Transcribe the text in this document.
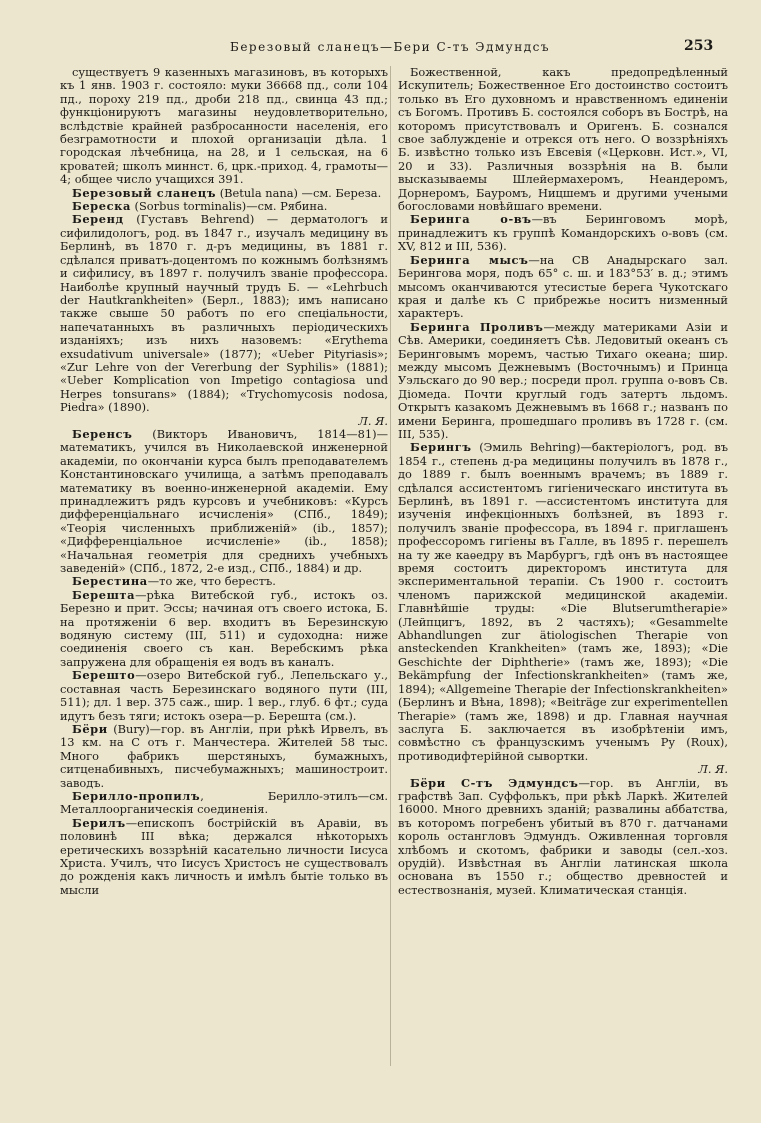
Березовый сланецъ—Бери С-тъ Эдмундсъ	253

существуетъ 9 казенныхъ магазиновъ, въ которыхъ къ 1 янв. 1903 г. состояло: муки 36668 пд., соли 104 пд., пороху 219 пд., дроби 218 пд., свинца 43 пд.; функціонируютъ магазины неудовлетворительно, вслѣдствіе крайней разбросанности населенія, его безграмотности и плохой организаціи дѣла. 1 городская лѣчебница, на 28, и 1 сельская, на 6 кроватей; школъ миннст. 6, црк.-приход. 4, грамоты—4; общее число учащихся 391.

Березовый сланецъ (Betula nana) —см. Береза.

Береска (Sorbus torminalis)—см. Рябина.

Беренд (Густавъ Behrend) — дерматологъ и сифилидологъ, род. въ 1847 г., изучалъ медицину въ Берлинѣ, въ 1870 г. д-ръ медицины, въ 1881 г. сдѣлался приватъ-доцентомъ по кожнымъ болѣзнямъ и сифилису, въ 1897 г. получилъ званіе профессора. Наиболѣе крупный научный трудъ Б. — «Lehrbuch der Hautkrankheiten» (Берл., 1883); имъ написано также свыше 50 работъ по его спеціальности, напечатанныхъ въ различныхъ періодическихъ изданіяхъ; изъ нихъ назовемъ: «Erythema exsudativum universale» (1877); «Ueber Pityriasis»; «Zur Lehre von der Vererbung der Syphilis» (1881); «Ueber Komplication von Impetigo contagiosa und Herpes tonsurans» (1884); «Trychomycosis nodosa, Piedra» (1890).

Л. Я.

Беренсъ (Викторъ Ивановичъ, 1814—81)—математикъ, учился въ Николаевской инженерной академіи, по окончаніи курса былъ преподавателемъ Константиновскаго училища, а затѣмъ преподавалъ математику въ военно-инженерной академіи. Ему принадлежитъ рядъ курсовъ и учебниковъ: «Курсъ дифференціальнаго исчисленія» (СПб., 1849); «Теорія численныхъ приближеній» (ib., 1857); «Дифференціальное исчисленіе» (ib., 1858); «Начальная геометрія для среднихъ учебныхъ заведеній» (СПб., 1872, 2-е изд., СПб., 1884) и др.

Берестина—то же, что берестъ.

Берешта—рѣка Витебской губ., истокъ оз. Березно и прит. Эссы; начиная отъ своего истока, Б. на протяженіи 6 вер. входитъ въ Березинскую водяную систему (III, 511) и судоходна: ниже соединенія своего съ кан. Веребскимъ рѣка запружена для обращенія ея водъ въ каналъ.

Берешто—озеро Витебской губ., Лепельскаго у., составная часть Березинскаго водяного пути (III, 511); дл. 1 вер. 375 саж., шир. 1 вер., глуб. 6 фт.; суда идутъ безъ тяги; истокъ озера—р. Берешта (см.).

Бёри (Bury)—гор. въ Англіи, при рѣкѣ Ирвелъ, въ 13 км. на С отъ г. Манчестера. Жителей 58 тыс. Много фабрикъ шерстяныхъ, бумажныхъ, ситценабивныхъ, писчебумажныхъ; машиностроит. заводъ.

Берилло-пропилъ, Берилло-этилъ—см. Металлоорганическія соединенія.

Берилъ—епископъ бострійскій въ Аравіи, въ половинѣ III вѣка; держался нѣкоторыхъ еретическихъ воззрѣній касательно личности Іисуса Христа. Училъ, что Іисусъ Христосъ не существовалъ до рожденія какъ личность и имѣлъ бытіе только въ мысли

Божественной, какъ предопредѣленный Искупитель; Божественное Его достоинство состоитъ только въ Его духовномъ и нравственномъ единеніи съ Богомъ. Противъ Б. состоялся соборъ въ Бострѣ, на которомъ присутствовалъ и Оригенъ. Б. сознался свое заблужденіе и отрекся отъ него. О воззрѣніяхъ Б. извѣстно только изъ Евсевія («Церковн. Ист.», VI, 20 и 33). Различныя воззрѣнія на В. были высказываемы Шлейермахеромъ, Неандеромъ, Дорнеромъ, Бауромъ, Ницшемъ и другими учеными богословами новѣйшаго времени.

Беринга о-въ—въ Беринговомъ морѣ, принадлежитъ къ группѣ Командорскихъ о-вовъ (см. XV, 812 и III, 536).

Беринга мысъ—на СВ Анадырскаго зал. Берингова моря, подъ 65° с. ш. и 183°53′ в. д.; этимъ мысомъ оканчиваются утесистые берега Чукотскаго края и далѣе къ С прибрежье носитъ низменный характеръ.

Беринга Проливъ—между материками Азіи и Сѣв. Америки, соединяетъ Сѣв. Ледовитый океанъ съ Беринговымъ моремъ, частью Тихаго океана; шир. между мысомъ Дежневымъ (Восточнымъ) и Принца Уэльскаго до 90 вер.; посреди прол. группа о-вовъ Св. Діомеда. Почти круглый годъ затертъ льдомъ. Открытъ казакомъ Дежневымъ въ 1668 г.; названъ по имени Беринга, прошедшаго проливъ въ 1728 г. (см. III, 535).

Берингъ (Эмиль Behring)—бактеріологъ, род. въ 1854 г., степень д-ра медицины получилъ въ 1878 г., до 1889 г. былъ военнымъ врачемъ; въ 1889 г. сдѣлался ассистентомъ гигіеническаго института въ Берлинѣ, въ 1891 г. —ассистентомъ института для изученія инфекціонныхъ болѣзней, въ 1893 г. получилъ званіе профессора, въ 1894 г. приглашенъ профессоромъ гигіены въ Галле, въ 1895 г. перешелъ на ту же каѳедру въ Марбургъ, гдѣ онъ въ настоящее время состоитъ директоромъ института для экспериментальной терапіи. Съ 1900 г. состоитъ членомъ парижской медицинской академіи. Главнѣйшіе труды: «Die Blutserumtherapie» (Лейпцигъ, 1892, въ 2 частяхъ); «Gesammelte Abhandlungen zur ätiologischen Therapie von ansteckenden Krankheiten» (тамъ же, 1893); «Die Geschichte der Diphtherie» (тамъ же, 1893); «Die Bekämpfung der Infectionskrankheiten» (тамъ же, 1894); «Allgemeine Therapie der Infectionskrankheiten» (Берлинъ и Вѣна, 1898); «Beiträge zur experimentellen Therapie» (тамъ же, 1898) и др. Главная научная заслуга Б. заключается въ изобрѣтеніи имъ, совмѣстно съ французскимъ ученымъ Ру (Roux), противодифтерійной сывортки.

Л. Я.

Бёри С-тъ Эдмундсъ—гор. въ Англіи, въ графствѣ Зап. Суффолькъ, при рѣкѣ Ларкѣ. Жителей 16000. Много древнихъ зданій; развалины аббатства, въ которомъ погребенъ убитый въ 870 г. датчанами король остангловъ Эдмундъ. Оживленная торговля хлѣбомъ и скотомъ, фабрики и заводы (сел.-хоз. орудій). Извѣстная въ Англіи латинская школа основана въ 1550 г.; общество древностей и естествознанія, музей. Климатическая станція.
